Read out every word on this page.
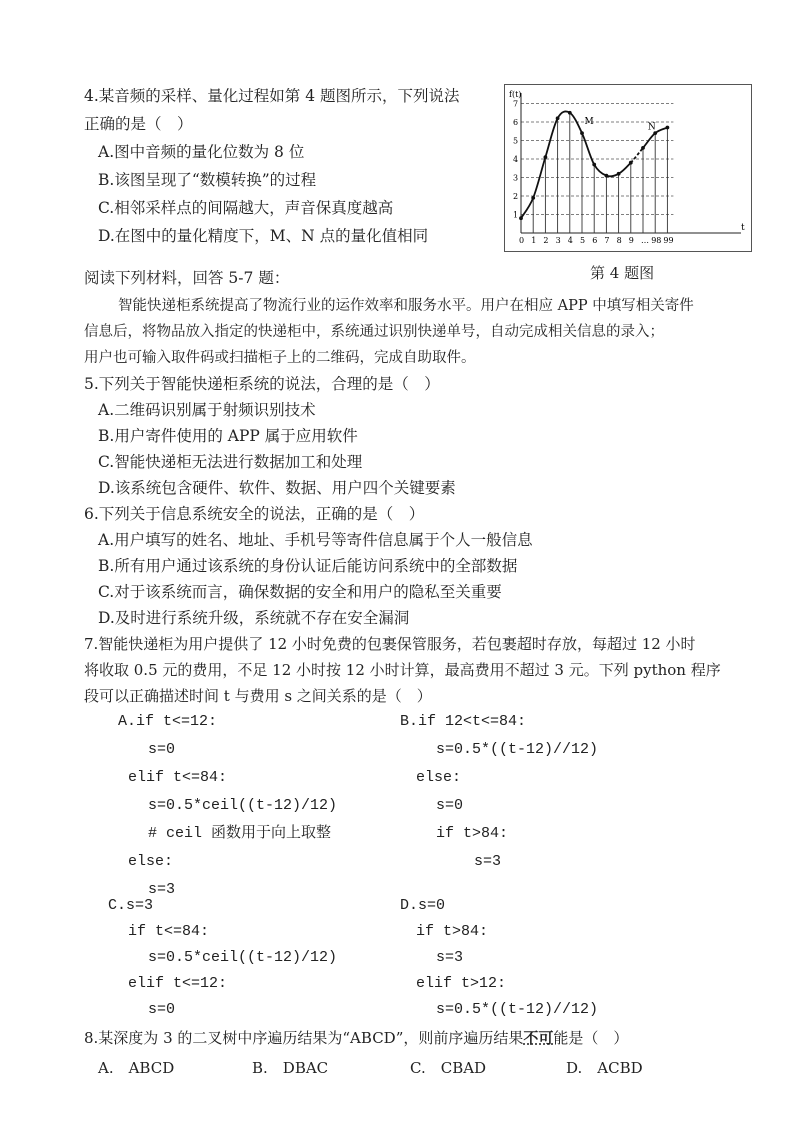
4.某音频的采样、量化过程如第 4 题图所示，下列说法
正确的是（　）
A.图中音频的量化位数为 8 位
B.该图呈现了“数模转换”的过程
C.相邻采样点的间隔越大，声音保真度越高
D.在图中的量化精度下，M、N 点的量化值相同
f(t)
t
1
2
3
4
5
6
7
0 1 2 3 4 5 6 7 8 9 … 98 99
M
N
第 4 题图
阅读下列材料，回答 5-7 题：
智能快递柜系统提高了物流行业的运作效率和服务水平。用户在相应 APP 中填写相关寄件
信息后，将物品放入指定的快递柜中，系统通过识别快递单号，自动完成相关信息的录入；
用户也可输入取件码或扫描柜子上的二维码，完成自助取件。
5.下列关于智能快递柜系统的说法，合理的是（　）
A.二维码识别属于射频识别技术
B.用户寄件使用的 APP 属于应用软件
C.智能快递柜无法进行数据加工和处理
D.该系统包含硬件、软件、数据、用户四个关键要素
6.下列关于信息系统安全的说法，正确的是（　）
A.用户填写的姓名、地址、手机号等寄件信息属于个人一般信息
B.所有用户通过该系统的身份认证后能访问系统中的全部数据
C.对于该系统而言，确保数据的安全和用户的隐私至关重要
D.及时进行系统升级，系统就不存在安全漏洞
7.智能快递柜为用户提供了 12 小时免费的包裹保管服务，若包裹超时存放，每超过 12 小时
将收取 0.5 元的费用，不足 12 小时按 12 小时计算，最高费用不超过 3 元。下列 python 程序
段可以正确描述时间 t 与费用 s 之间关系的是（　）
A.if t<=12:
s=0
elif t<=84:
s=0.5*ceil((t-12)/12)
# ceil 函数用于向上取整
else:
s=3
B.if 12<t<=84:
s=0.5*((t-12)//12)
else:
s=0
if t>84:
s=3
C.s=3
if t<=84:
s=0.5*ceil((t-12)/12)
elif t<=12:
s=0
D.s=0
if t>84:
s=3
elif t>12:
s=0.5*((t-12)//12)
8.某深度为 3 的二叉树中序遍历结果为“ABCD”，则前序遍历结果不可能是（　）
A.　ABCD	B.　DBAC	C.　CBAD	D.　ACBD
